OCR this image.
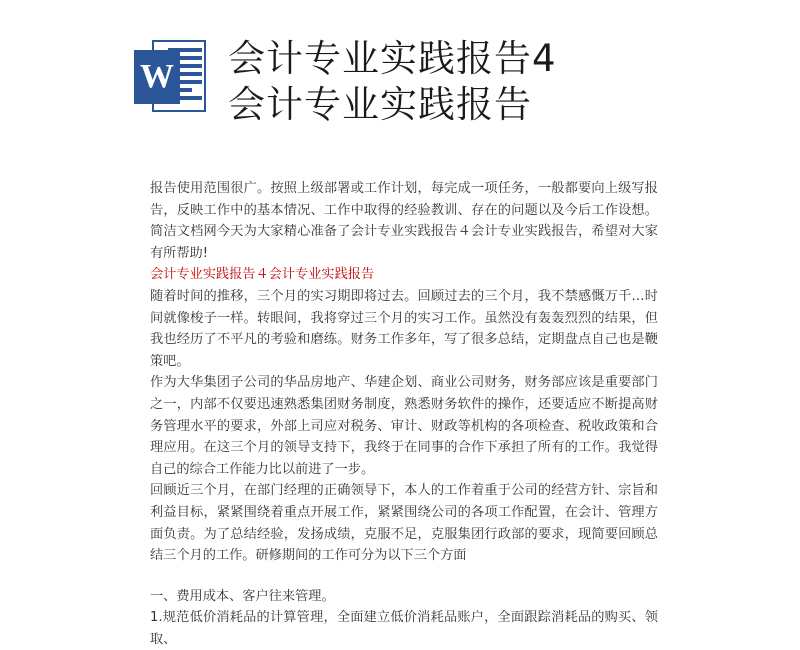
W 会计专业实践报告4
会计专业实践报告

报告使用范围很广。按照上级部署或工作计划，每完成一项任务，一般都要向上级写报告，反映工作中的基本情况、工作中取得的经验教训、存在的问题以及今后工作设想。简洁文档网今天为大家精心准备了会计专业实践报告４会计专业实践报告，希望对大家有所帮助!

会计专业实践报告４会计专业实践报告

随着时间的推移，三个月的实习期即将过去。回顾过去的三个月，我不禁感慨万千…时间就像梭子一样。转眼间，我将穿过三个月的实习工作。虽然没有轰轰烈烈的结果，但我也经历了不平凡的考验和磨练。财务工作多年，写了很多总结，定期盘点自己也是鞭策吧。

作为大华集团子公司的华品房地产、华建企划、商业公司财务，财务部应该是重要部门之一，内部不仅要迅速熟悉集团财务制度，熟悉财务软件的操作，还要适应不断提高财务管理水平的要求，外部上司应对税务、审计、财政等机构的各项检查、税收政策和合理应用。在这三个月的领导支持下，我终于在同事的合作下承担了所有的工作。我觉得自己的综合工作能力比以前进了一步。

回顾近三个月，在部门经理的正确领导下，本人的工作着重于公司的经营方针、宗旨和利益目标，紧紧围绕着重点开展工作，紧紧围绕公司的各项工作配置，在会计、管理方面负责。为了总结经验，发扬成绩，克服不足，克服集团行政部的要求，现简要回顾总结三个月的工作。研修期间的工作可分为以下三个方面

一、费用成本、客户往来管理。

1.规范低价消耗品的计算管理，全面建立低价消耗品账户，全面跟踪消耗品的购买、领取、
